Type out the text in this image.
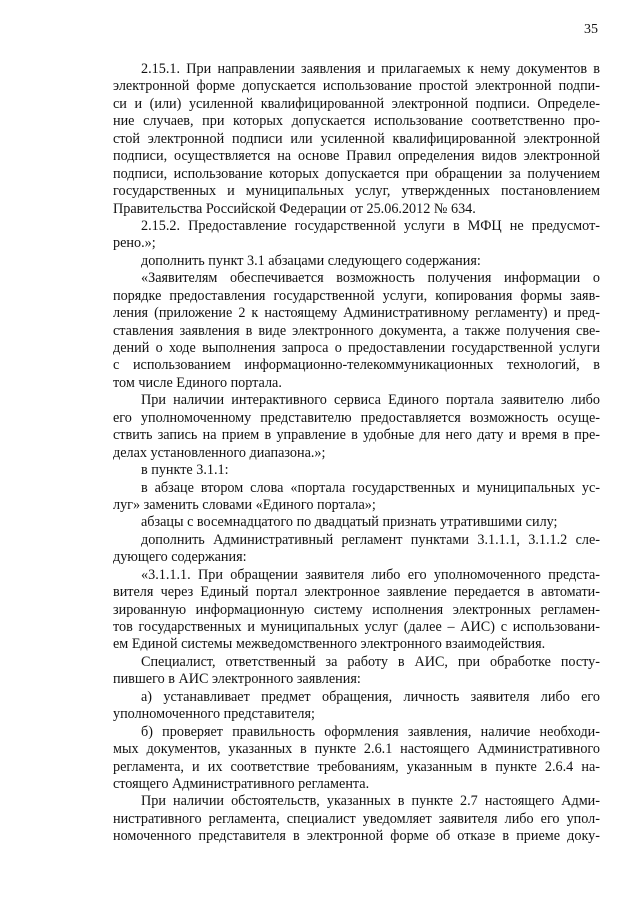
35
2.15.1. При направлении заявления и прилагаемых к нему документов в
электронной форме допускается использование простой электронной подпи-
си и (или) усиленной квалифицированной электронной подписи. Определе-
ние случаев, при которых допускается использование соответственно про-
стой электронной подписи или усиленной квалифицированной электронной
подписи, осуществляется на основе Правил определения видов электронной
подписи, использование которых допускается при обращении за получением
государственных и муниципальных услуг, утвержденных постановлением
Правительства Российской Федерации от 25.06.2012 № 634.
2.15.2. Предоставление государственной услуги в МФЦ не предусмот-
рено.»;
дополнить пункт 3.1 абзацами следующего содержания:
«Заявителям обеспечивается возможность получения информации о
порядке предоставления государственной услуги, копирования формы заяв-
ления (приложение 2 к настоящему Административному регламенту) и пред-
ставления заявления в виде электронного документа, а также получения све-
дений о ходе выполнения запроса о предоставлении государственной услуги
с использованием информационно-телекоммуникационных технологий, в
том числе Единого портала.
При наличии интерактивного сервиса Единого портала заявителю либо
его уполномоченному представителю предоставляется возможность осуще-
ствить запись на прием в управление в удобные для него дату и время в пре-
делах установленного диапазона.»;
в пункте 3.1.1:
в абзаце втором слова «портала государственных и муниципальных ус-
луг» заменить словами «Единого портала»;
абзацы с восемнадцатого по двадцатый признать утратившими силу;
дополнить Административный регламент пунктами 3.1.1.1, 3.1.1.2 сле-
дующего содержания:
«3.1.1.1. При обращении заявителя либо его уполномоченного предста-
вителя через Единый портал электронное заявление передается в автомати-
зированную информационную систему исполнения электронных регламен-
тов государственных и муниципальных услуг (далее – АИС) с использовани-
ем Единой системы межведомственного электронного взаимодействия.
Специалист, ответственный за работу в АИС, при обработке посту-
пившего в АИС электронного заявления:
а) устанавливает предмет обращения, личность заявителя либо его
уполномоченного представителя;
б) проверяет правильность оформления заявления, наличие необходи-
мых документов, указанных в пункте 2.6.1 настоящего Административного
регламента, и их соответствие требованиям, указанным в пункте 2.6.4 на-
стоящего Административного регламента.
При наличии обстоятельств, указанных в пункте 2.7 настоящего Адми-
нистративного регламента, специалист уведомляет заявителя либо его упол-
номоченного представителя в электронной форме об отказе в приеме доку-
